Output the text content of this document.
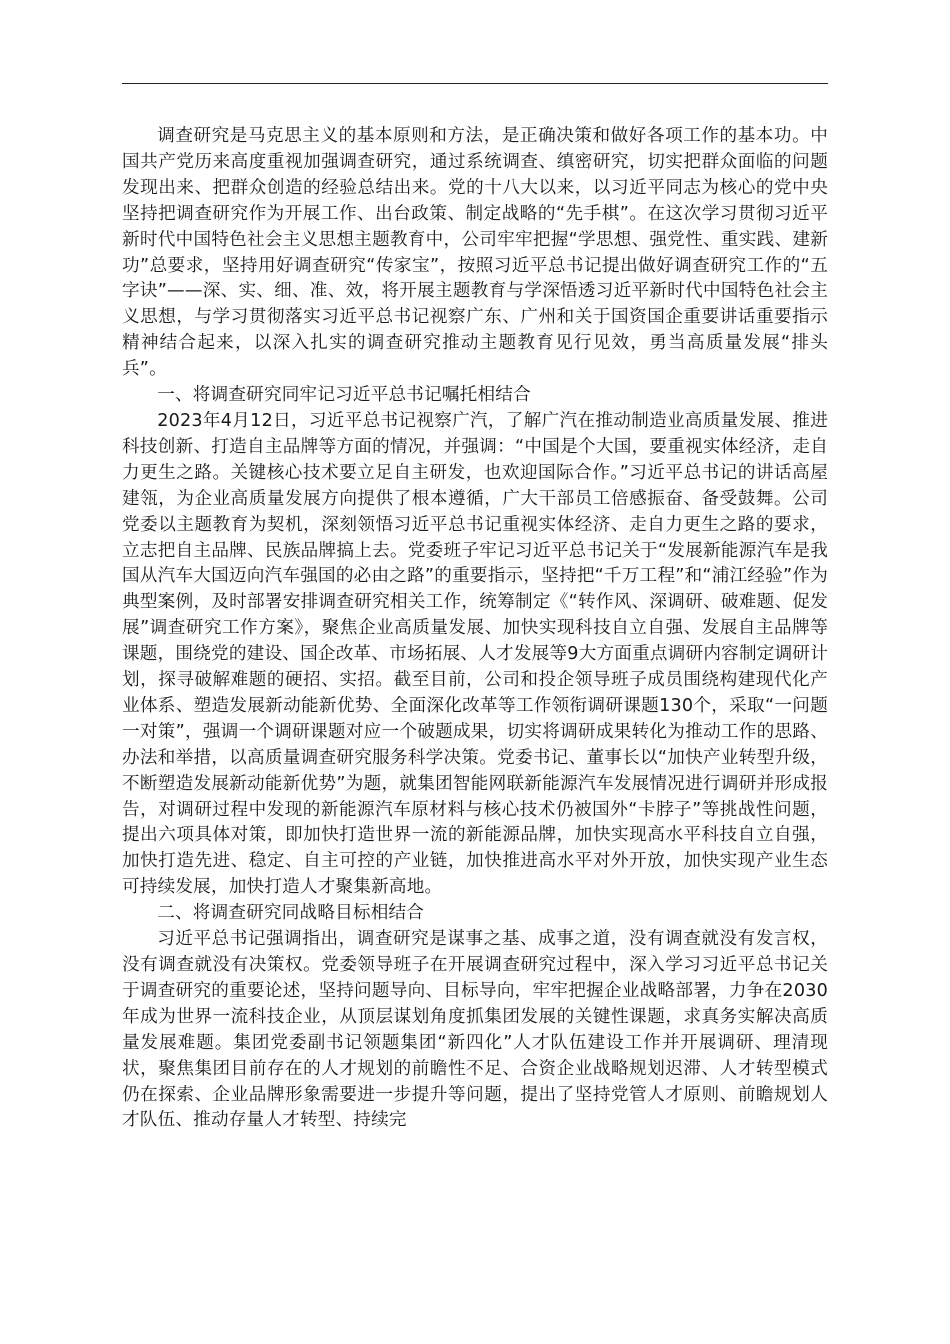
调查研究是马克思主义的基本原则和方法，是正确决策和做好各项工作的基本功。中国共产党历来高度重视加强调查研究，通过系统调查、缜密研究，切实把群众面临的问题发现出来、把群众创造的经验总结出来。党的十八大以来，以习近平同志为核心的党中央坚持把调查研究作为开展工作、出台政策、制定战略的“先手棋”。在这次学习贯彻习近平新时代中国特色社会主义思想主题教育中，公司牢牢把握“学思想、强党性、重实践、建新功”总要求，坚持用好调查研究“传家宝”，按照习近平总书记提出做好调查研究工作的“五字诀”——深、实、细、准、效，将开展主题教育与学深悟透习近平新时代中国特色社会主义思想，与学习贯彻落实习近平总书记视察广东、广州和关于国资国企重要讲话重要指示精神结合起来，以深入扎实的调查研究推动主题教育见行见效，勇当高质量发展“排头兵”。

一、将调查研究同牢记习近平总书记嘱托相结合

2023年4月12日，习近平总书记视察广汽，了解广汽在推动制造业高质量发展、推进科技创新、打造自主品牌等方面的情况，并强调：“中国是个大国，要重视实体经济，走自力更生之路。关键核心技术要立足自主研发，也欢迎国际合作。”习近平总书记的讲话高屋建瓴，为企业高质量发展方向提供了根本遵循，广大干部员工倍感振奋、备受鼓舞。公司党委以主题教育为契机，深刻领悟习近平总书记重视实体经济、走自力更生之路的要求，立志把自主品牌、民族品牌搞上去。党委班子牢记习近平总书记关于“发展新能源汽车是我国从汽车大国迈向汽车强国的必由之路”的重要指示，坚持把“千万工程”和“浦江经验”作为典型案例，及时部署安排调查研究相关工作，统筹制定《“转作风、深调研、破难题、促发展”调查研究工作方案》，聚焦企业高质量发展、加快实现科技自立自强、发展自主品牌等课题，围绕党的建设、国企改革、市场拓展、人才发展等9大方面重点调研内容制定调研计划，探寻破解难题的硬招、实招。截至目前，公司和投企领导班子成员围绕构建现代化产业体系、塑造发展新动能新优势、全面深化改革等工作领衔调研课题130个，采取“一问题一对策”，强调一个调研课题对应一个破题成果，切实将调研成果转化为推动工作的思路、办法和举措，以高质量调查研究服务科学决策。党委书记、董事长以“加快产业转型升级，不断塑造发展新动能新优势”为题，就集团智能网联新能源汽车发展情况进行调研并形成报告，对调研过程中发现的新能源汽车原材料与核心技术仍被国外“卡脖子”等挑战性问题，提出六项具体对策，即加快打造世界一流的新能源品牌，加快实现高水平科技自立自强，加快打造先进、稳定、自主可控的产业链，加快推进高水平对外开放，加快实现产业生态可持续发展，加快打造人才聚集新高地。

二、将调查研究同战略目标相结合

习近平总书记强调指出，调查研究是谋事之基、成事之道，没有调查就没有发言权，没有调查就没有决策权。党委领导班子在开展调查研究过程中，深入学习习近平总书记关于调查研究的重要论述，坚持问题导向、目标导向，牢牢把握企业战略部署，力争在2030年成为世界一流科技企业，从顶层谋划角度抓集团发展的关键性课题，求真务实解决高质量发展难题。集团党委副书记领题集团“新四化”人才队伍建设工作并开展调研、理清现状，聚焦集团目前存在的人才规划的前瞻性不足、合资企业战略规划迟滞、人才转型模式仍在探索、企业品牌形象需要进一步提升等问题，提出了坚持党管人才原则、前瞻规划人才队伍、推动存量人才转型、持续完
